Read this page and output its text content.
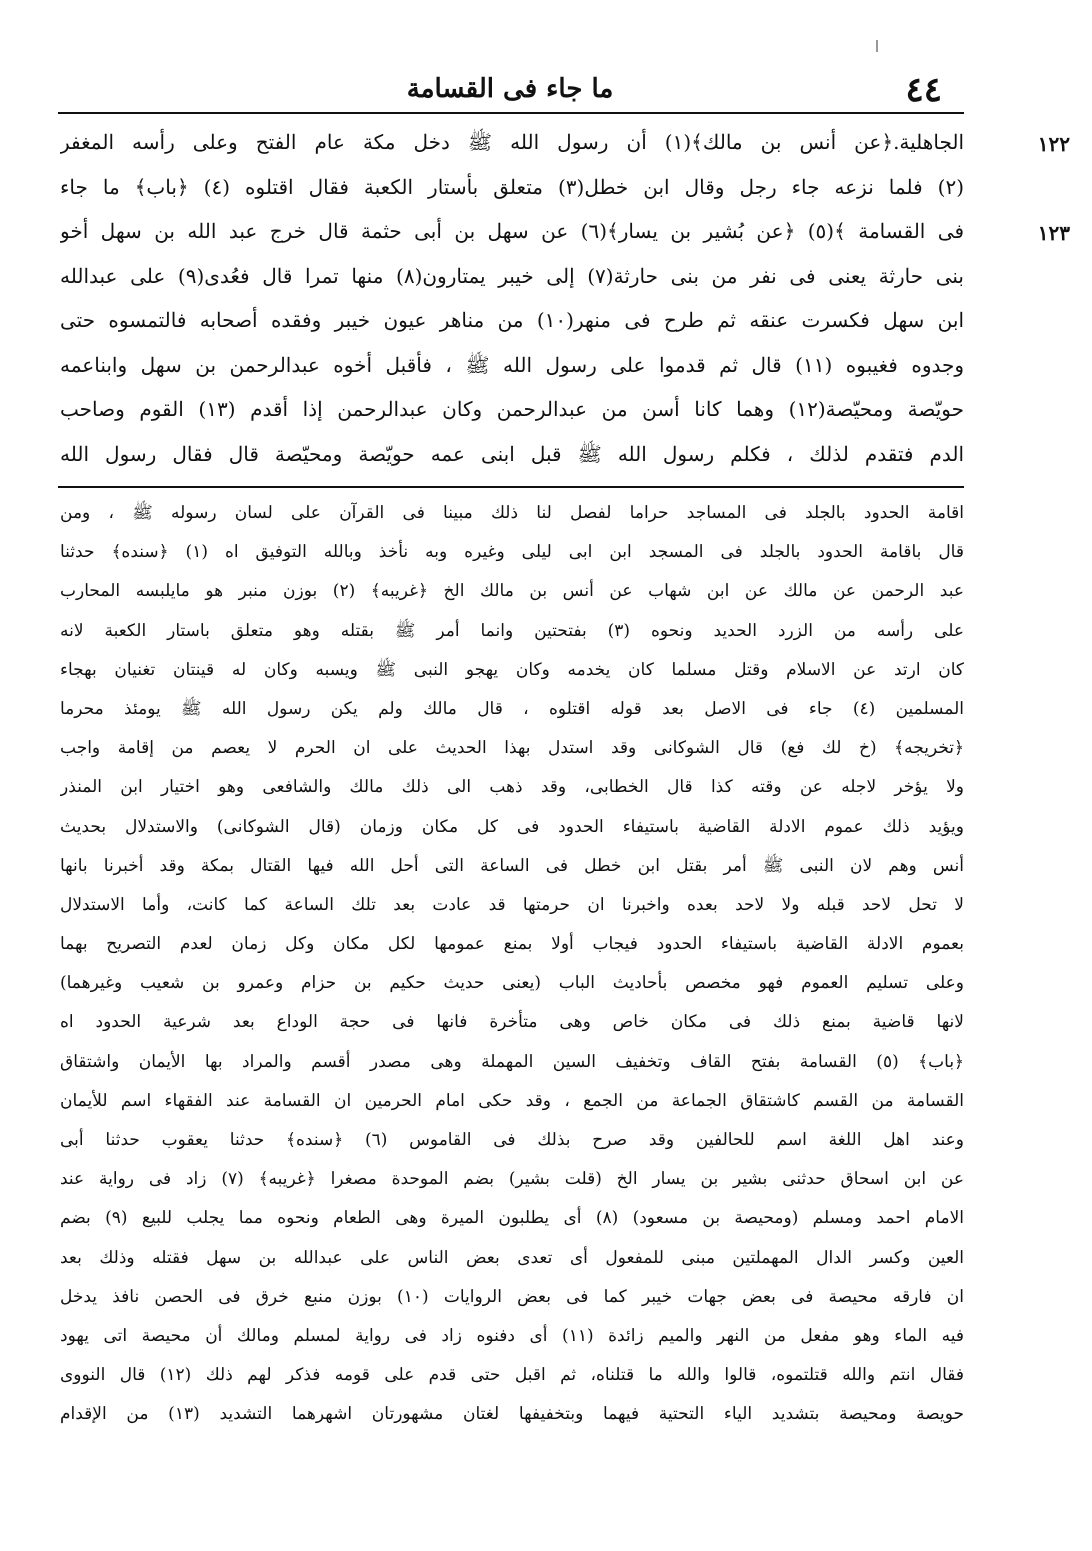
٤٤
ما جاء فى القسامة
١٢٢
١٢٣
الجاهلية.﴿عن أنس بن مالك﴾(١) أن رسول الله ﷺ دخل مكة عام الفتح وعلى رأسه المغفر
(٢) فلما نزعه جاء رجل وقال ابن خطل(٣) متعلق بأستار الكعبة فقال اقتلوه (٤) ﴿باب﴾ ما جاء
فى القسامة ﴾(٥) ﴿عن بُشير بن يسار﴾(٦) عن سهل بن أبى حثمة قال خرج عبد الله بن سهل أخو
بنى حارثة يعنى فى نفر من بنى حارثة(٧) إلى خيبر يمتارون(٨) منها تمرا قال فعُدى(٩) على عبدالله
ابن سهل فكسرت عنقه ثم طرح فى منهر(١٠) من مناهر عيون خيبر وفقده أصحابه فالتمسوه حتى
وجدوه فغيبوه (١١) قال ثم قدموا على رسول الله ﷺ ، فأقبل أخوه عبدالرحمن بن سهل وابناعمه
حويّصة ومحيّصة(١٢) وهما كانا أسن من عبدالرحمن وكان عبدالرحمن إذا أقدم (١٣) القوم وصاحب
الدم فتقدم لذلك ، فكلم رسول الله ﷺ قبل ابنى عمه حويّصة ومحيّصة قال فقال رسول الله
اقامة الحدود بالجلد فى المساجد حراما لفصل لنا ذلك مبينا فى القرآن على لسان رسوله ﷺ ، ومن
قال باقامة الحدود بالجلد فى المسجد ابن ابى ليلى وغيره وبه نأخذ وبالله التوفيق اه (١) ﴿سنده﴾ حدثنا
عبد الرحمن عن مالك عن ابن شهاب عن أنس بن مالك الخ ﴿غريبه﴾ (٢) بوزن منبر هو مايلبسه المحارب
على رأسه من الزرد الحديد ونحوه (٣) بفتحتين وانما أمر ﷺ بقتله وهو متعلق باستار الكعبة لانه
كان ارتد عن الاسلام وقتل مسلما كان يخدمه وكان يهجو النبى ﷺ ويسبه وكان له قينتان تغنيان بهجاء
المسلمين (٤) جاء فى الاصل بعد قوله اقتلوه ، قال مالك ولم يكن رسول الله ﷺ يومئذ محرما
﴿تخريجه﴾ (خ لك فع) قال الشوكانى وقد استدل بهذا الحديث على ان الحرم لا يعصم من إقامة واجب
ولا يؤخر لاجله عن وقته كذا قال الخطابى، وقد ذهب الى ذلك مالك والشافعى وهو اختيار ابن المنذر
ويؤيد ذلك عموم الادلة القاضية باستيفاء الحدود فى كل مكان وزمان (قال الشوكانى) والاستدلال بحديث
أنس وهم لان النبى ﷺ أمر بقتل ابن خطل فى الساعة التى أحل الله فيها القتال بمكة وقد أخبرنا بانها
لا تحل لاحد قبله ولا لاحد بعده واخبرنا ان حرمتها قد عادت بعد تلك الساعة كما كانت، وأما الاستدلال
بعموم الادلة القاضية باستيفاء الحدود فيجاب أولا بمنع عمومها لكل مكان وكل زمان لعدم التصريح بهما
وعلى تسليم العموم فهو مخصص بأحاديث الباب (يعنى حديث حكيم بن حزام وعمرو بن شعيب وغيرهما)
لانها قاضية بمنع ذلك فى مكان خاص وهى متأخرة فانها فى حجة الوداع بعد شرعية الحدود اه
﴿باب﴾ (٥) القسامة بفتح القاف وتخفيف السين المهملة وهى مصدر أقسم والمراد بها الأيمان واشتقاق
القسامة من القسم كاشتقاق الجماعة من الجمع ، وقد حكى امام الحرمين ان القسامة عند الفقهاء اسم للأيمان
وعند اهل اللغة اسم للحالفين وقد صرح بذلك فى القاموس (٦) ﴿سنده﴾ حدثنا يعقوب حدثنا أبى
عن ابن اسحاق حدثنى بشير بن يسار الخ (قلت بشير) بضم الموحدة مصغرا ﴿غريبه﴾ (٧) زاد فى رواية عند
الامام احمد ومسلم (ومحيصة بن مسعود) (٨) أى يطلبون الميرة وهى الطعام ونحوه مما يجلب للبيع (٩) بضم
العين وكسر الدال المهملتين مبنى للمفعول أى تعدى بعض الناس على عبدالله بن سهل فقتله وذلك بعد
ان فارقه محيصة فى بعض جهات خيبر كما فى بعض الروايات (١٠) بوزن منبع خرق فى الحصن نافذ يدخل
فيه الماء وهو مفعل من النهر والميم زائدة (١١) أى دفنوه زاد فى رواية لمسلم ومالك أن محيصة اتى يهود
فقال انتم والله قتلتموه، قالوا والله ما قتلناه، ثم اقبل حتى قدم على قومه فذكر لهم ذلك (١٢) قال النووى
حويصة ومحيصة بتشديد الياء التحتية فيهما وبتخفيفها لغتان مشهورتان اشهرهما التشديد (١٣) من الإقدام
